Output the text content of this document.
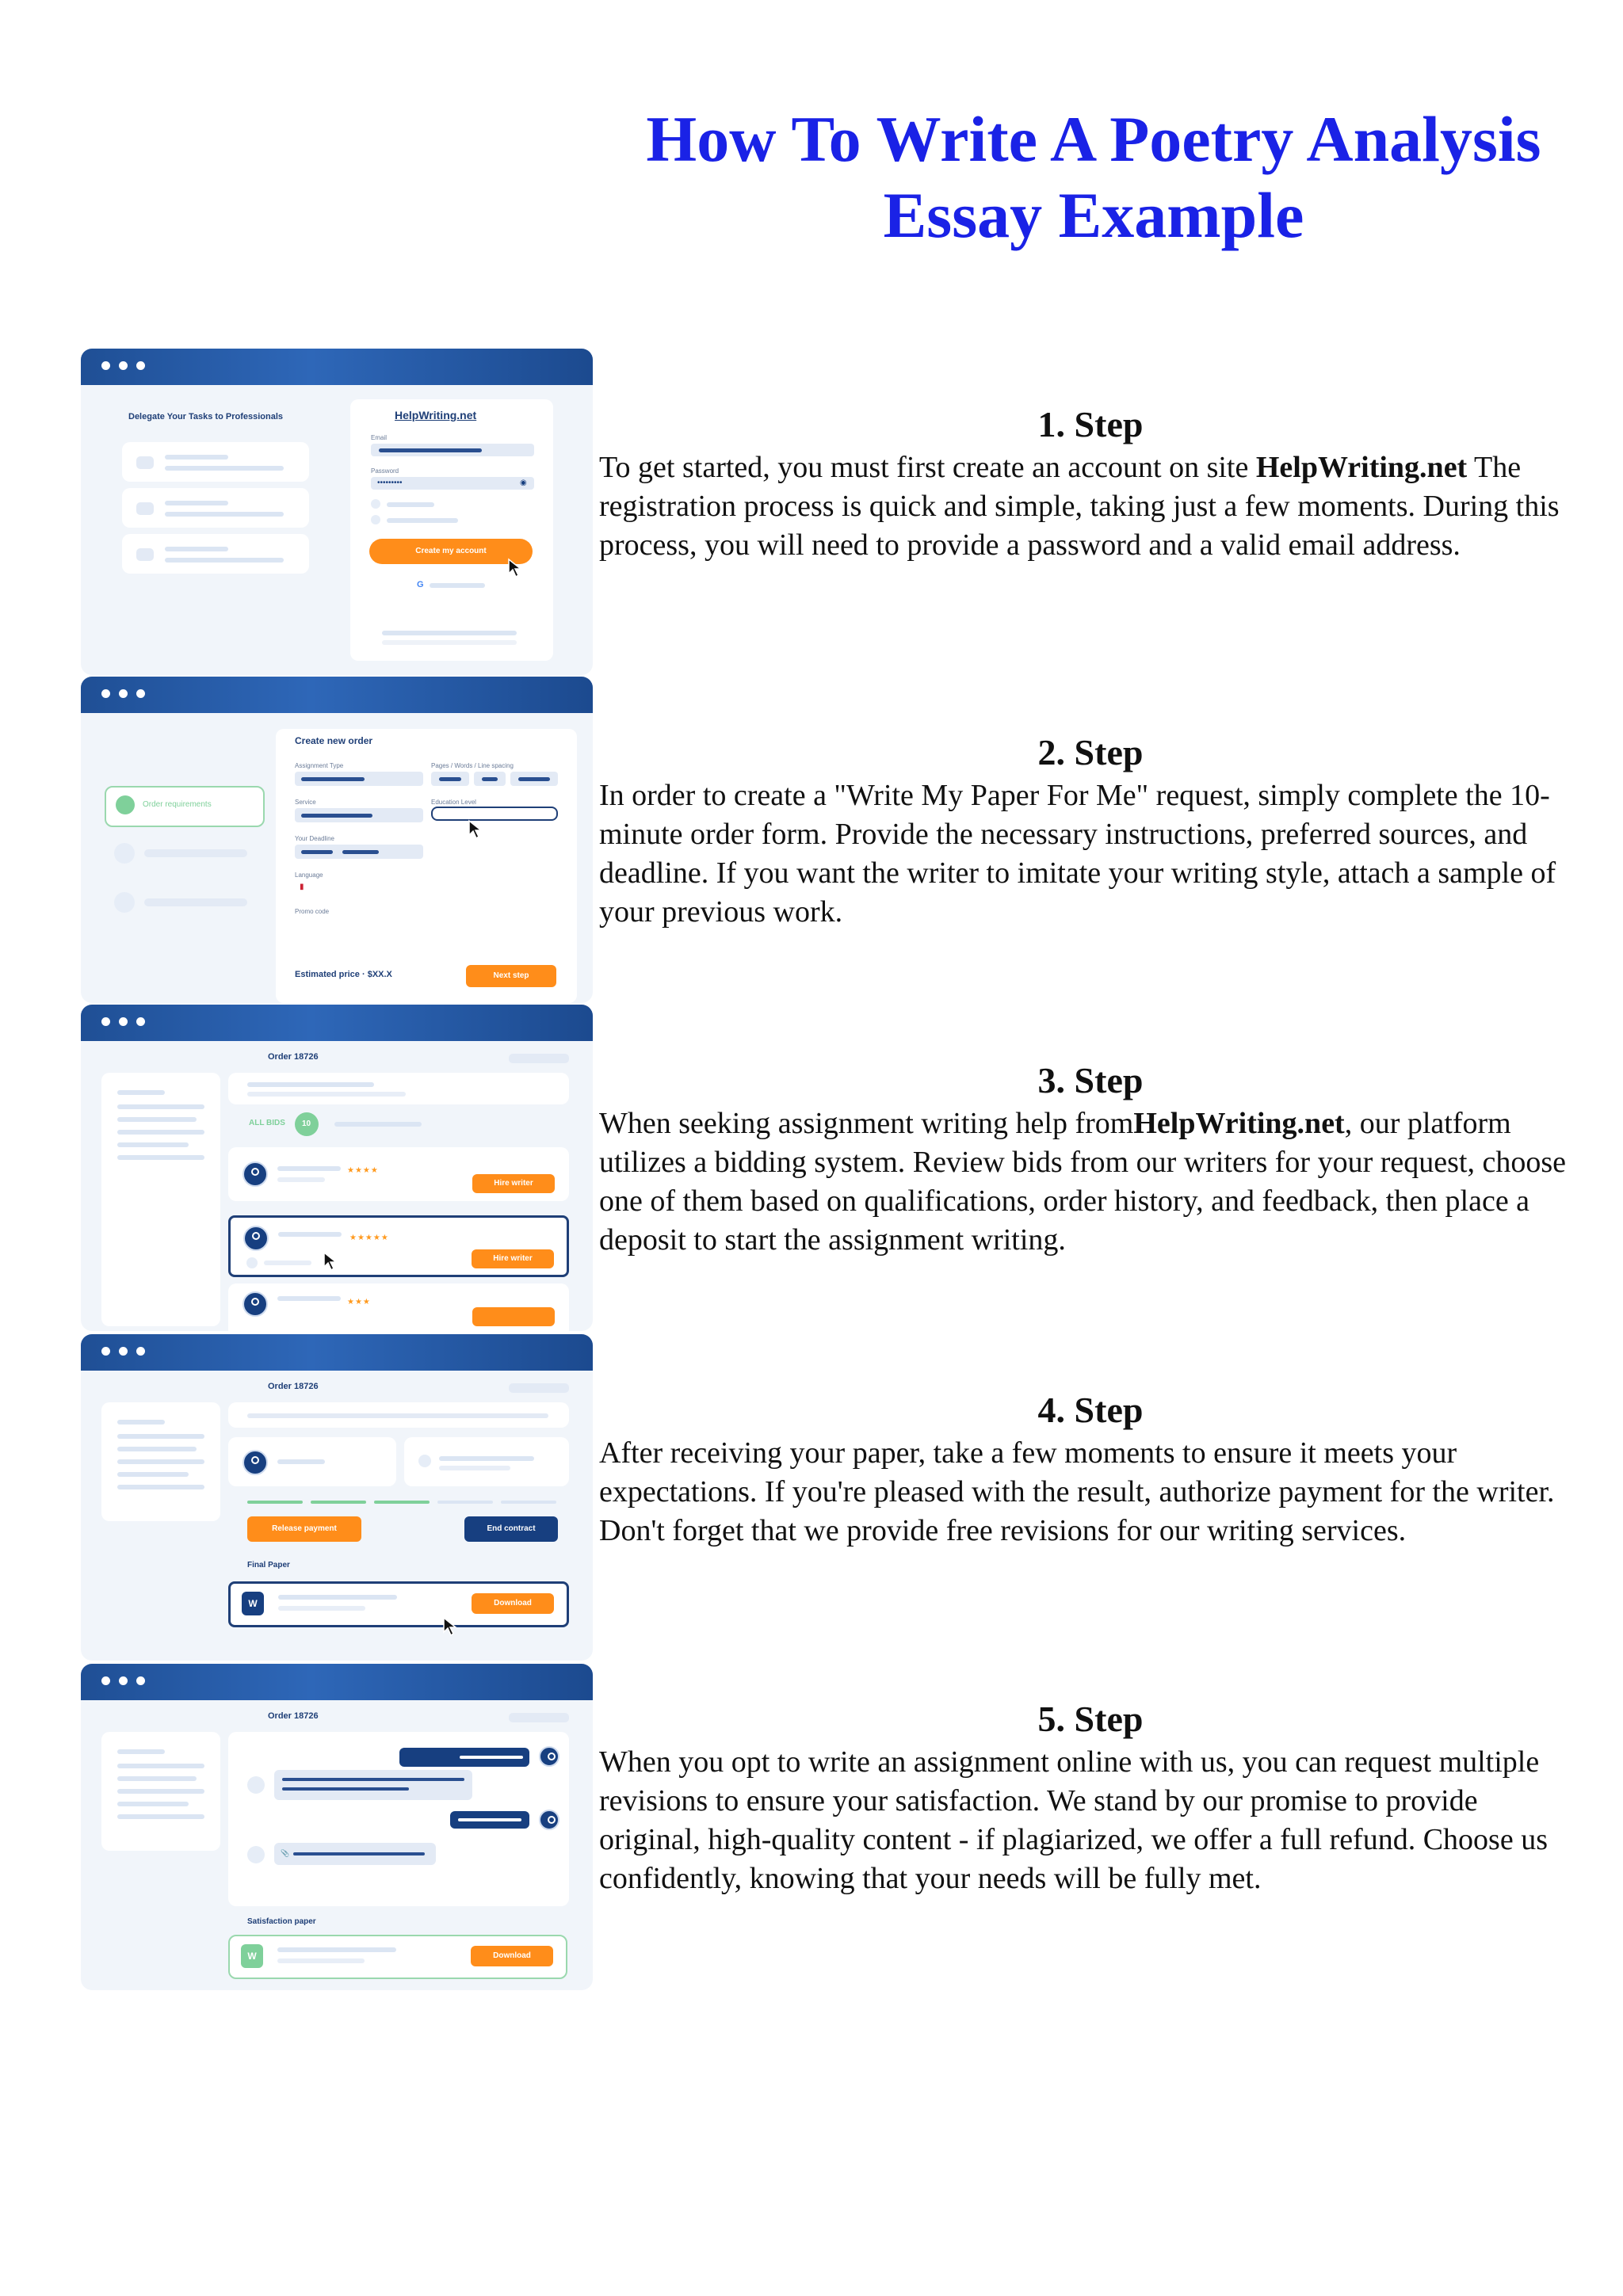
How To Write A Poetry Analysis
Essay Example
Delegate Your Tasks to Professionals	HelpWriting.net
Email
Password
•••••••••	◉
Create my account
G
Order requirements
Create new order
Assignment Type	Pages / Words / Line spacing
Service	Education Level
Your Deadline
Language
▮
Promo code
Estimated price · $XX.X	Next step
Order 18726
ALL BIDS 10
★★★★
Hire writer
★★★★★
Hire writer
★★★
Order 18726
Release payment	End contract
Final Paper
W	Download
Order 18726
📎
Satisfaction paper
W	Download
1. Step

To get started, you must first create an account on site HelpWriting.net The registration process is quick and simple, taking just a few moments. During this process, you will need to provide a password and a valid email address.

2. Step

In order to create a "Write My Paper For Me" request, simply complete the 10-minute order form. Provide the necessary instructions, preferred sources, and deadline. If you want the writer to imitate your writing style, attach a sample of your previous work.

3. Step

When seeking assignment writing help fromHelpWriting.net, our platform utilizes a bidding system. Review bids from our writers for your request, choose one of them based on qualifications, order history, and feedback, then place a deposit to start the assignment writing.

4. Step

After receiving your paper, take a few moments to ensure it meets your expectations. If you're pleased with the result, authorize payment for the writer. Don't forget that we provide free revisions for our writing services.

5. Step

When you opt to write an assignment online with us, you can request multiple revisions to ensure your satisfaction. We stand by our promise to provide original, high-quality content - if plagiarized, we offer a full refund. Choose us confidently, knowing that your needs will be fully met.
